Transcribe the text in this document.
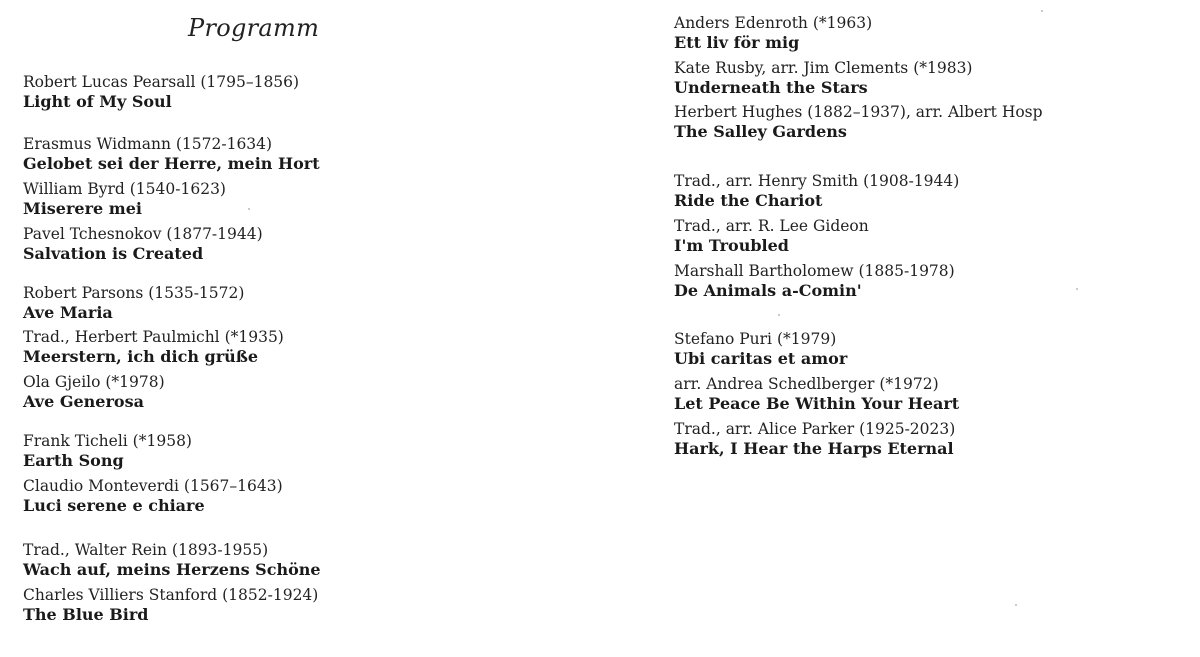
Programm
Robert Lucas Pearsall (1795–1856)
Light of My Soul
Erasmus Widmann (1572-1634)
Gelobet sei der Herre, mein Hort
William Byrd (1540-1623)
Miserere mei
Pavel Tchesnokov (1877-1944)
Salvation is Created
Robert Parsons (1535-1572)
Ave Maria
Trad., Herbert Paulmichl (*1935)
Meerstern, ich dich grüße
Ola Gjeilo (*1978)
Ave Generosa
Frank Ticheli (*1958)
Earth Song
Claudio Monteverdi (1567–1643)
Luci serene e chiare
Trad., Walter Rein (1893-1955)
Wach auf, meins Herzens Schöne
Charles Villiers Stanford (1852-1924)
The Blue Bird
Anders Edenroth (*1963)
Ett liv för mig
Kate Rusby, arr. Jim Clements (*1983)
Underneath the Stars
Herbert Hughes (1882–1937), arr. Albert Hosp
The Salley Gardens
Trad., arr. Henry Smith (1908-1944)
Ride the Chariot
Trad., arr. R. Lee Gideon
I'm Troubled
Marshall Bartholomew (1885-1978)
De Animals a-Comin'
Stefano Puri (*1979)
Ubi caritas et amor
arr. Andrea Schedlberger (*1972)
Let Peace Be Within Your Heart
Trad., arr. Alice Parker (1925-2023)
Hark, I Hear the Harps Eternal
